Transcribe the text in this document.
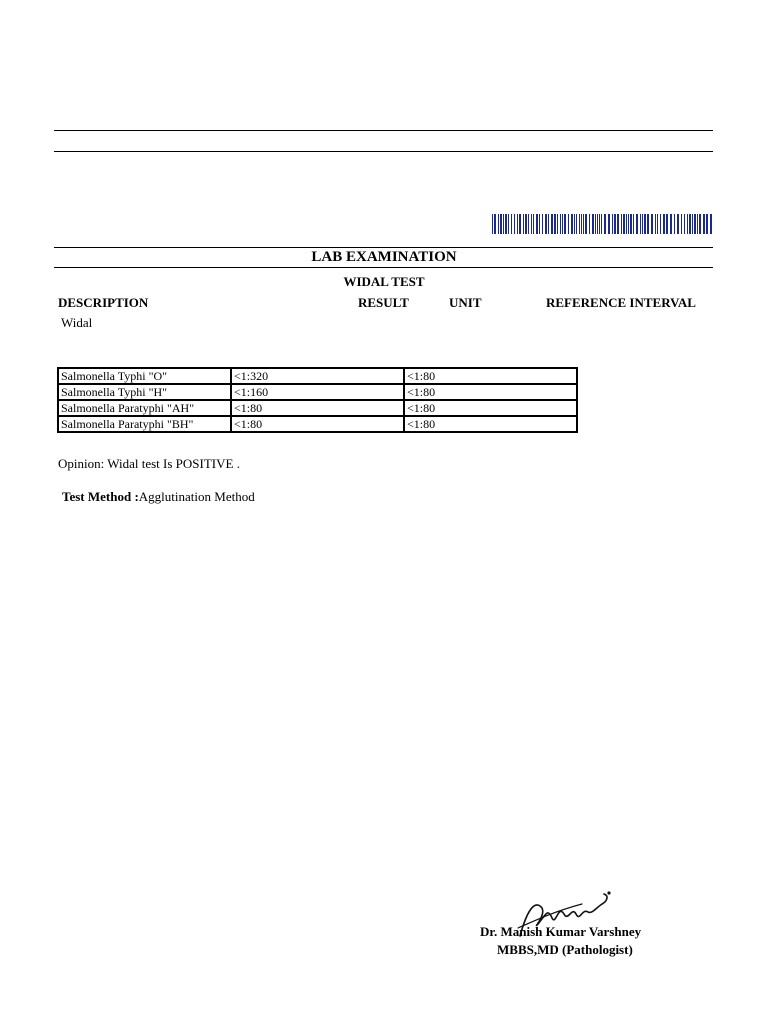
LAB EXAMINATION
WIDAL TEST
DESCRIPTION	RESULT	UNIT	REFERENCE INTERVAL
Widal
Salmonella Typhi "O"	<1:320	<1:80
Salmonella Typhi "H"	<1:160	<1:80
Salmonella Paratyphi "AH"	<1:80	<1:80
Salmonella Paratyphi "BH"	<1:80	<1:80
Opinion: Widal test Is POSITIVE .
Test Method :Agglutination Method
Dr. Manish Kumar Varshney
MBBS,MD (Pathologist)
